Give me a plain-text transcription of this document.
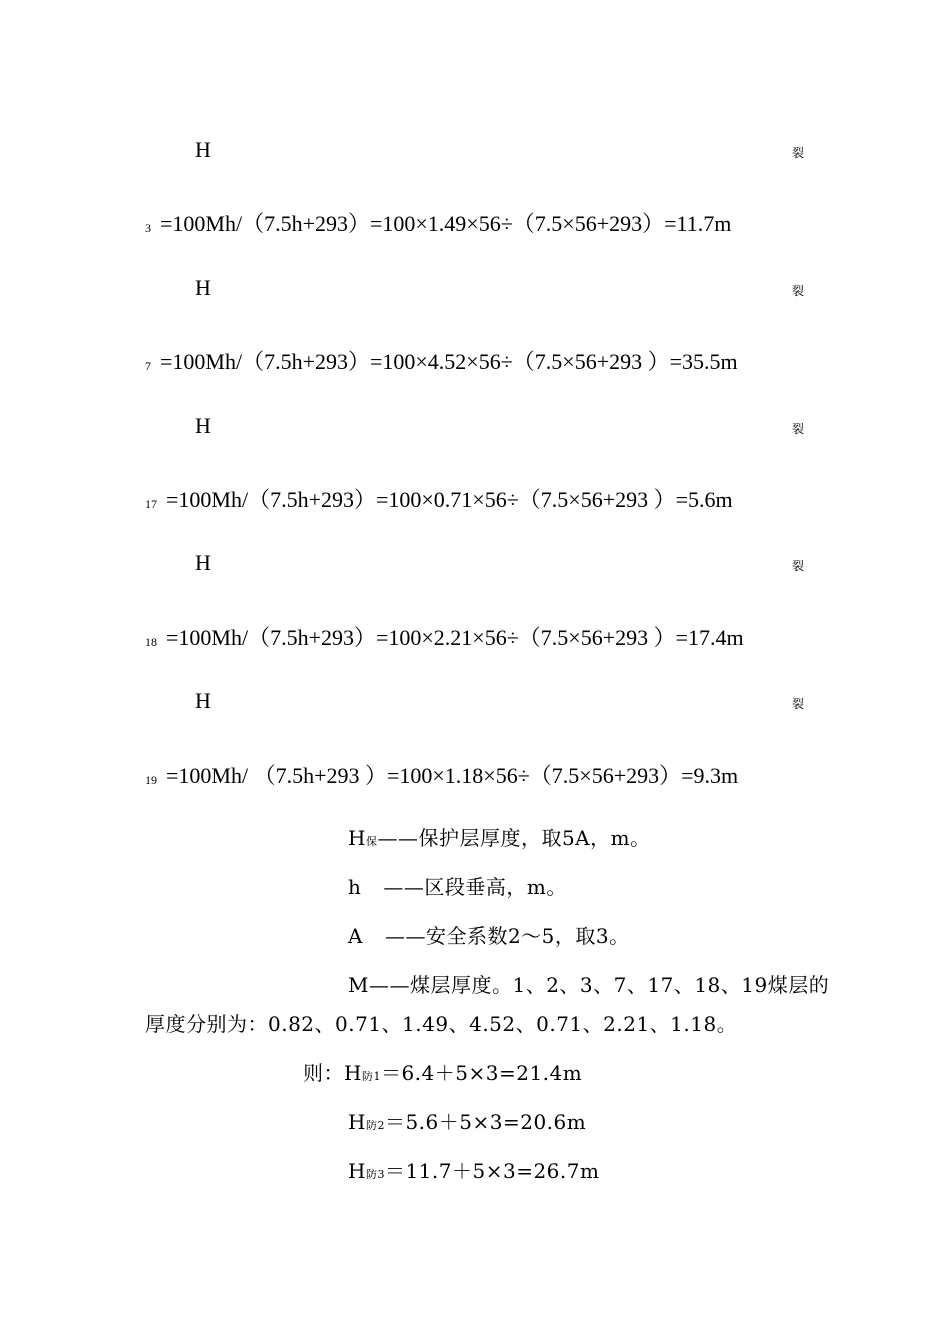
H	裂
3 =100Mh/（7.5h+293）=100×1.49×56÷（7.5×56+293）=11.7m
H	裂
7 =100Mh/（7.5h+293）=100×4.52×56÷（7.5×56+293 ）=35.5m
H	裂
17 =100Mh/（7.5h+293）=100×0.71×56÷（7.5×56+293 ）=5.6m
H	裂
18 =100Mh/（7.5h+293）=100×2.21×56÷（7.5×56+293 ）=17.4m
H	裂
19 =100Mh/ （7.5h+293 ）=100×1.18×56÷（7.5×56+293）=9.3m
H保——保护层厚度，取5A，m。
h ——区段垂高，m。
A ——安全系数2～5，取3。
M——煤层厚度。1、2、3、7、17、18、19煤层的
厚度分别为：0.82、0.71、1.49、4.52、0.71、2.21、1.18。
则：H防1＝6.4＋5×3=21.4m
H防2＝5.6＋5×3=20.6m
H防3＝11.7＋5×3=26.7m
